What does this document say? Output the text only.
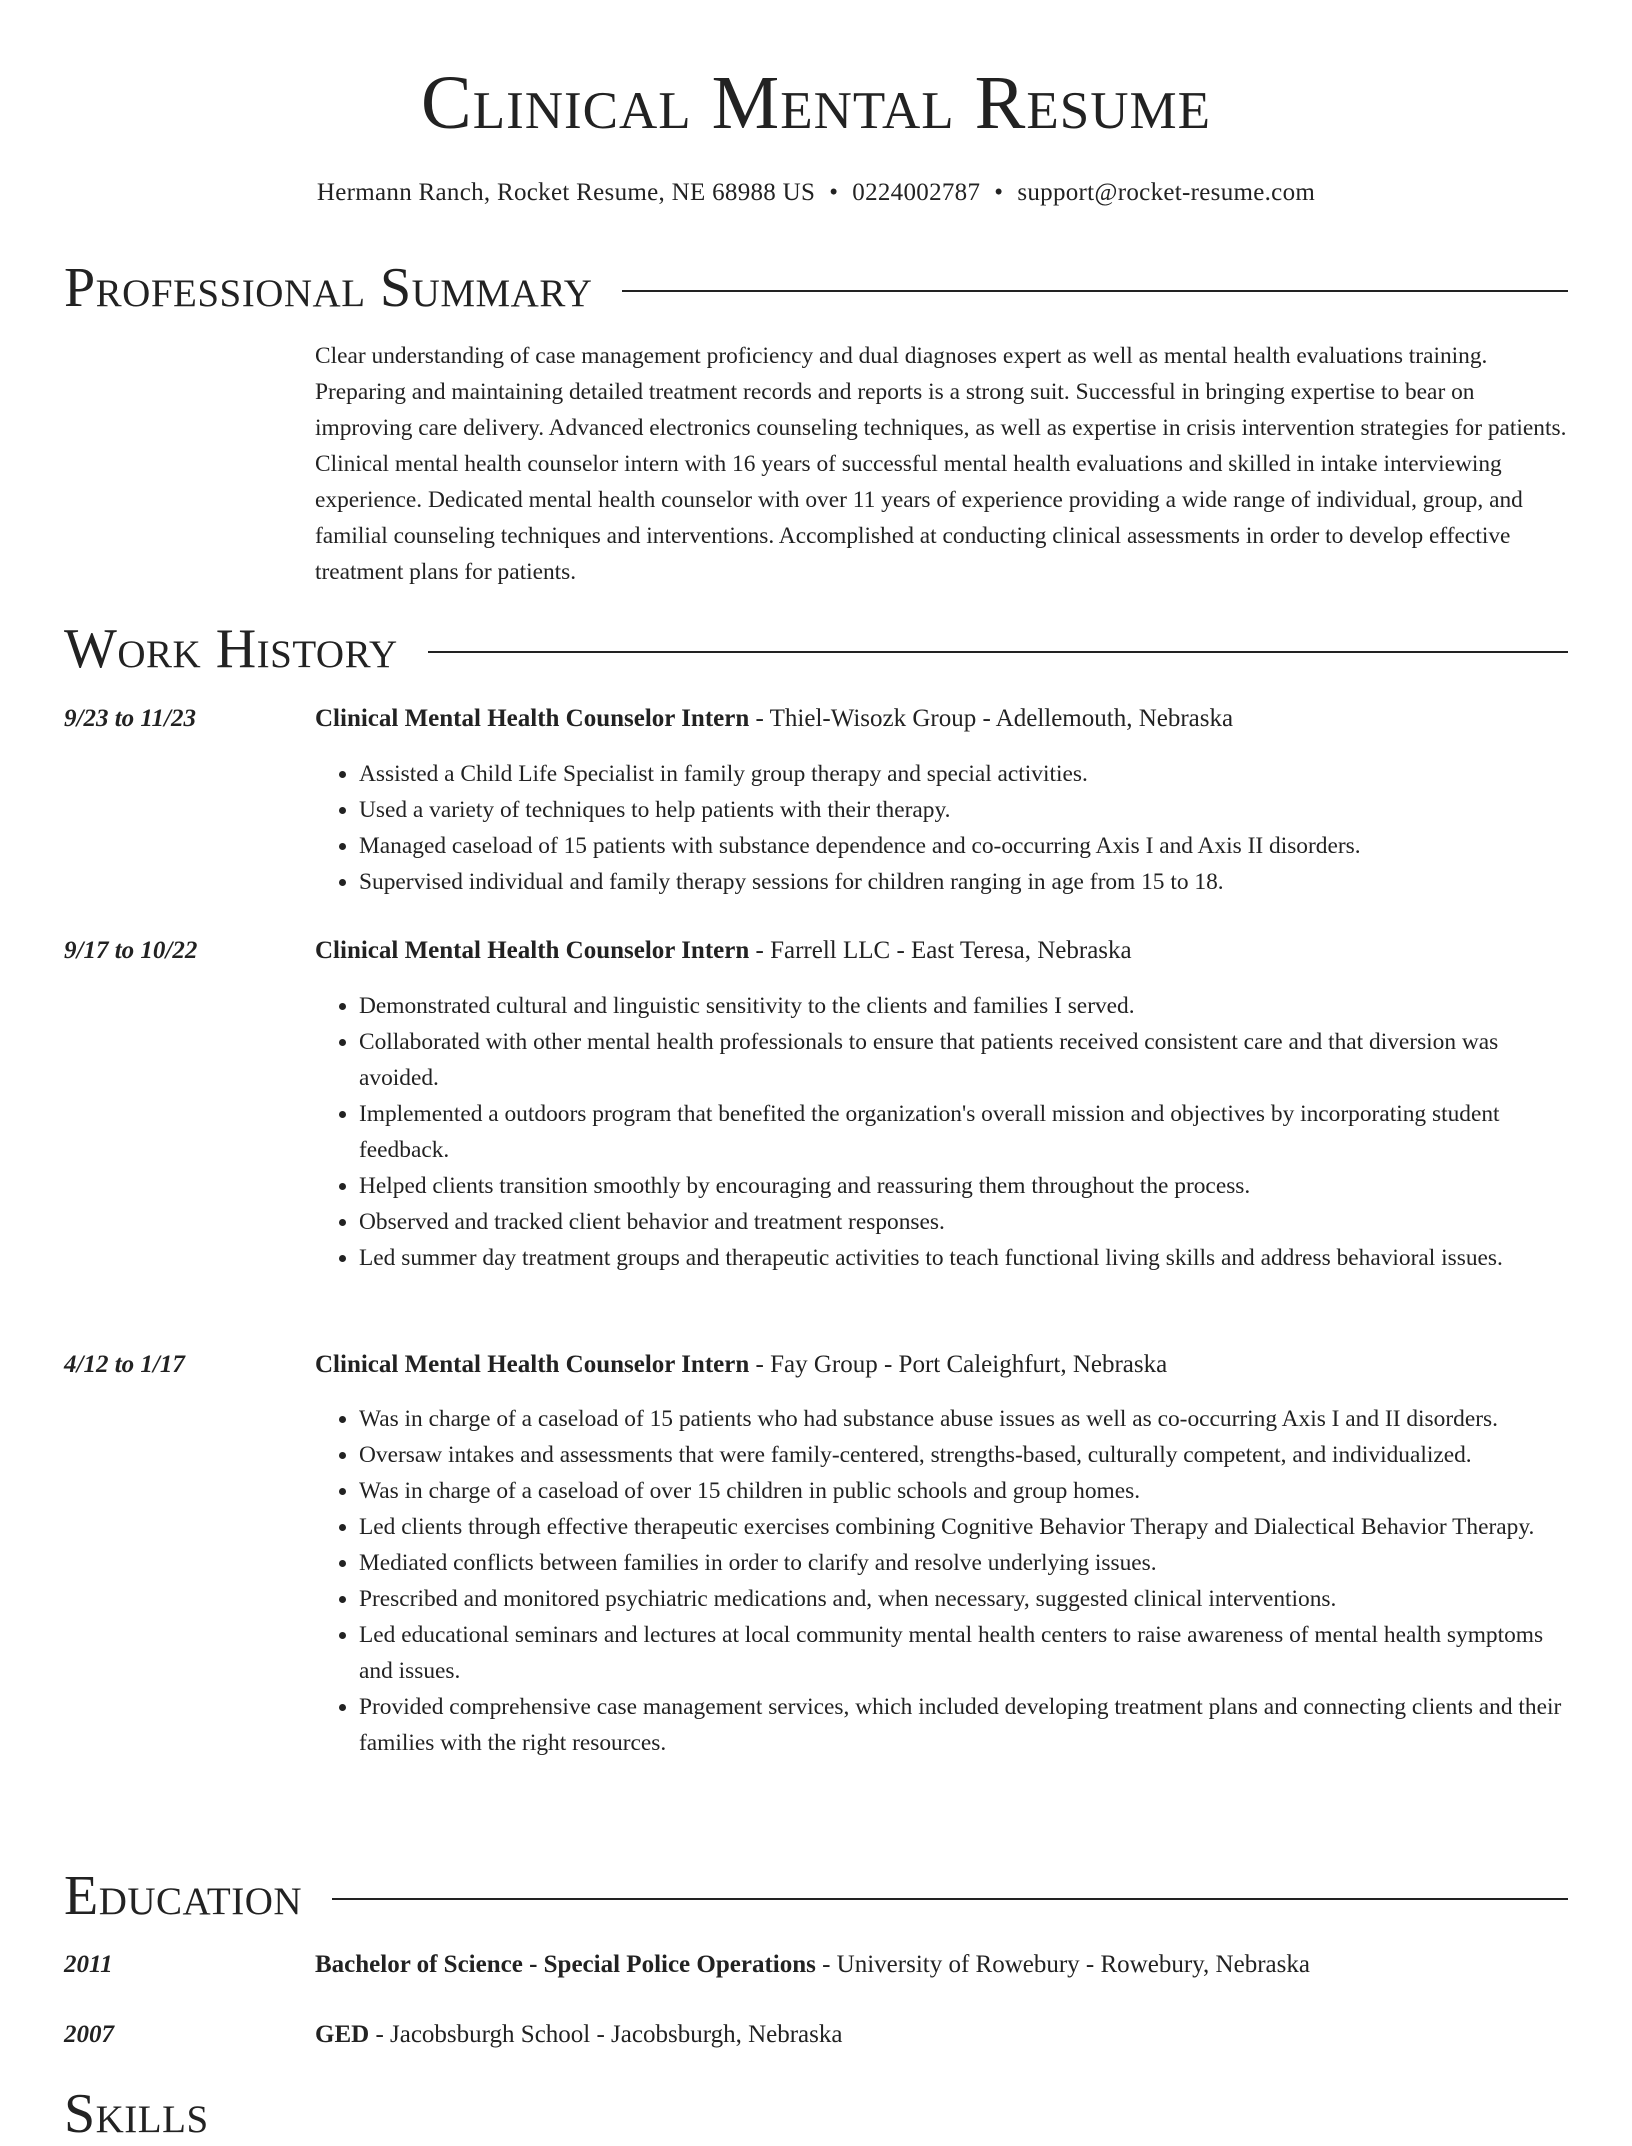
Clinical Mental Resume
Hermann Ranch, Rocket Resume, NE 68988 US • 0224002787 • support@rocket-resume.com
Professional Summary
Clear understanding of case management proficiency and dual diagnoses expert as well as mental health evaluations training. Preparing and maintaining detailed treatment records and reports is a strong suit. Successful in bringing expertise to bear on improving care delivery. Advanced electronics counseling techniques, as well as expertise in crisis intervention strategies for patients. Clinical mental health counselor intern with 16 years of successful mental health evaluations and skilled in intake interviewing experience. Dedicated mental health counselor with over 11 years of experience providing a wide range of individual, group, and familial counseling techniques and interventions. Accomplished at conducting clinical assessments in order to develop effective treatment plans for patients.
Work History
9/23 to 11/23	Clinical Mental Health Counselor Intern - Thiel-Wisozk Group - Adellemouth, Nebraska
• Assisted a Child Life Specialist in family group therapy and special activities.
• Used a variety of techniques to help patients with their therapy.
• Managed caseload of 15 patients with substance dependence and co-occurring Axis I and Axis II disorders.
• Supervised individual and family therapy sessions for children ranging in age from 15 to 18.
9/17 to 10/22	Clinical Mental Health Counselor Intern - Farrell LLC - East Teresa, Nebraska
• Demonstrated cultural and linguistic sensitivity to the clients and families I served.
• Collaborated with other mental health professionals to ensure that patients received consistent care and that diversion was avoided.
• Implemented a outdoors program that benefited the organization's overall mission and objectives by incorporating student feedback.
• Helped clients transition smoothly by encouraging and reassuring them throughout the process.
• Observed and tracked client behavior and treatment responses.
• Led summer day treatment groups and therapeutic activities to teach functional living skills and address behavioral issues.
4/12 to 1/17	Clinical Mental Health Counselor Intern - Fay Group - Port Caleighfurt, Nebraska
• Was in charge of a caseload of 15 patients who had substance abuse issues as well as co-occurring Axis I and II disorders.
• Oversaw intakes and assessments that were family-centered, strengths-based, culturally competent, and individualized.
• Was in charge of a caseload of over 15 children in public schools and group homes.
• Led clients through effective therapeutic exercises combining Cognitive Behavior Therapy and Dialectical Behavior Therapy.
• Mediated conflicts between families in order to clarify and resolve underlying issues.
• Prescribed and monitored psychiatric medications and, when necessary, suggested clinical interventions.
• Led educational seminars and lectures at local community mental health centers to raise awareness of mental health symptoms and issues.
• Provided comprehensive case management services, which included developing treatment plans and connecting clients and their families with the right resources.
Education
2011	Bachelor of Science - Special Police Operations - University of Rowebury - Rowebury, Nebraska
2007	GED - Jacobsburgh School - Jacobsburgh, Nebraska
Skills
